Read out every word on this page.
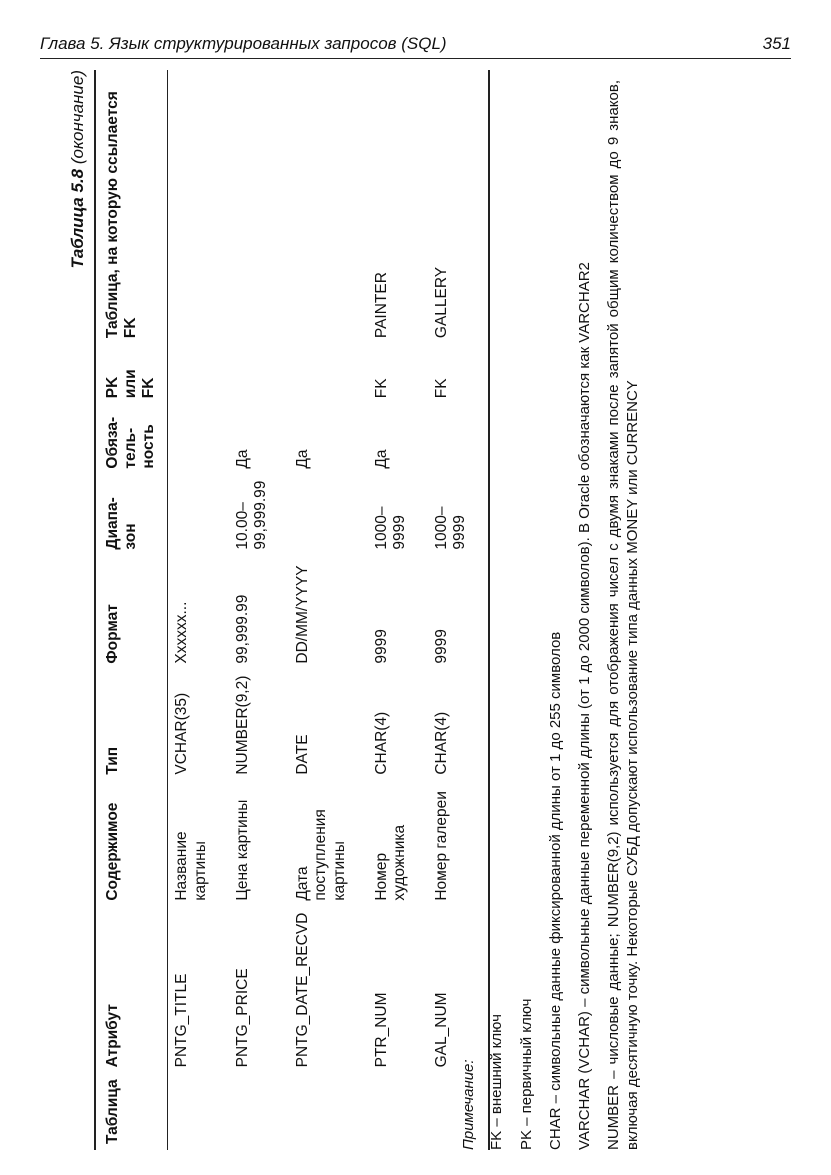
Глава 5. Язык структурированных запросов (SQL)	351
Таблица 5.8 (окончание)
Таблица	Атрибут	Содержимое	Тип	Формат	Диапа-зон	Обяза-тель-ность	PK или FK	Таблица, на которую ссылается FK
	PNTG_TITLE	Название картины	VCHAR(35)	Xxxxxx...				
	PNTG_PRICE	Цена картины	NUMBER(9,2)	99,999.99	10.00–99,999.99	Да		
	PNTG_DATE_RECVD	Дата поступления картины	DATE	DD/MM/YYYY		Да		
	PTR_NUM	Номер художника	CHAR(4)	9999	1000–9999	Да	FK	PAINTER
	GAL_NUM	Номер галереи	CHAR(4)	9999	1000–9999		FK	GALLERY
Примечание: FK – внешний ключ PK – первичный ключ CHAR – символьные данные фиксированной длины от 1 до 255 символов VARCHAR (VCHAR) – символьные данные переменной длины (от 1 до 2000 символов). В Oracle обозначаются как VARCHAR2 NUMBER – числовые данные; NUMBER(9,2) используется для отображения чисел с двумя знаками после запятой общим количеством до 9 знаков, включая десятичную точку. Некоторые СУБД допускают использование типа данных MONEY или CURRENCY
